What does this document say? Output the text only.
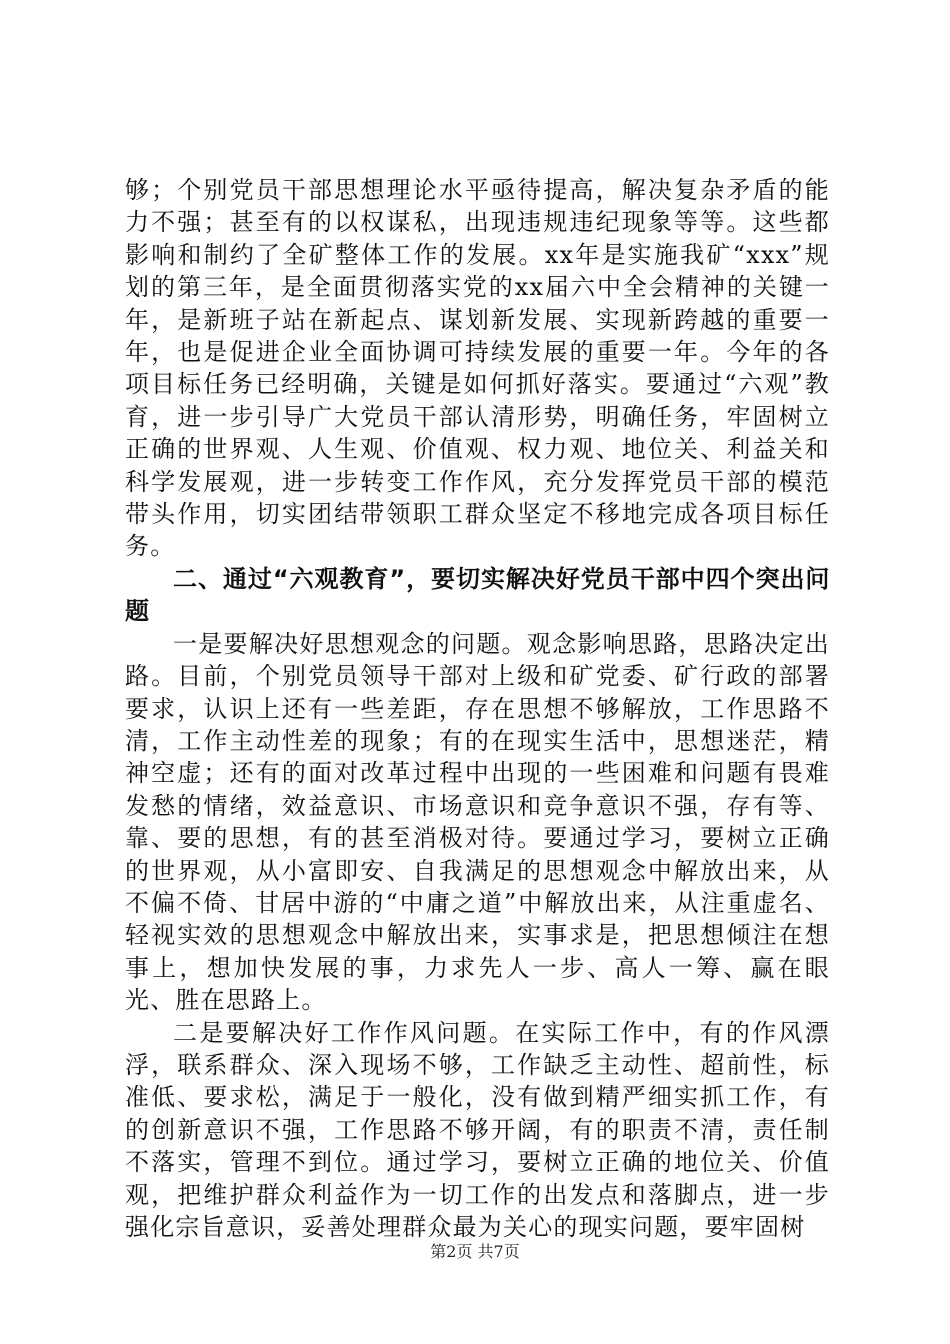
够；个别党员干部思想理论水平亟待提高，解决复杂矛盾的能力不强；甚至有的以权谋私，出现违规违纪现象等等。这些都影响和制约了全矿整体工作的发展。xx年是实施我矿“xxx”规划的第三年，是全面贯彻落实党的xx届六中全会精神的关键一年，是新班子站在新起点、谋划新发展、实现新跨越的重要一年，也是促进企业全面协调可持续发展的重要一年。今年的各项目标任务已经明确，关键是如何抓好落实。要通过“六观”教育，进一步引导广大党员干部认清形势，明确任务，牢固树立正确的世界观、人生观、价值观、权力观、地位关、利益关和科学发展观，进一步转变工作作风，充分发挥党员干部的模范带头作用，切实团结带领职工群众坚定不移地完成各项目标任务。

二、通过“六观教育”，要切实解决好党员干部中四个突出问题

一是要解决好思想观念的问题。观念影响思路，思路决定出路。目前，个别党员领导干部对上级和矿党委、矿行政的部署要求，认识上还有一些差距，存在思想不够解放，工作思路不清，工作主动性差的现象；有的在现实生活中，思想迷茫，精神空虚；还有的面对改革过程中出现的一些困难和问题有畏难发愁的情绪，效益意识、市场意识和竞争意识不强，存有等、靠、要的思想，有的甚至消极对待。要通过学习，要树立正确的世界观，从小富即安、自我满足的思想观念中解放出来，从不偏不倚、甘居中游的“中庸之道”中解放出来，从注重虚名、轻视实效的思想观念中解放出来，实事求是，把思想倾注在想事上，想加快发展的事，力求先人一步、高人一筹、赢在眼光、胜在思路上。

二是要解决好工作作风问题。在实际工作中，有的作风漂浮，联系群众、深入现场不够，工作缺乏主动性、超前性，标准低、要求松，满足于一般化，没有做到精严细实抓工作，有的创新意识不强，工作思路不够开阔，有的职责不清，责任制不落实，管理不到位。通过学习，要树立正确的地位关、价值观，把维护群众利益作为一切工作的出发点和落脚点，进一步强化宗旨意识，妥善处理群众最为关心的现实问题，要牢固树

第2页 共7页
